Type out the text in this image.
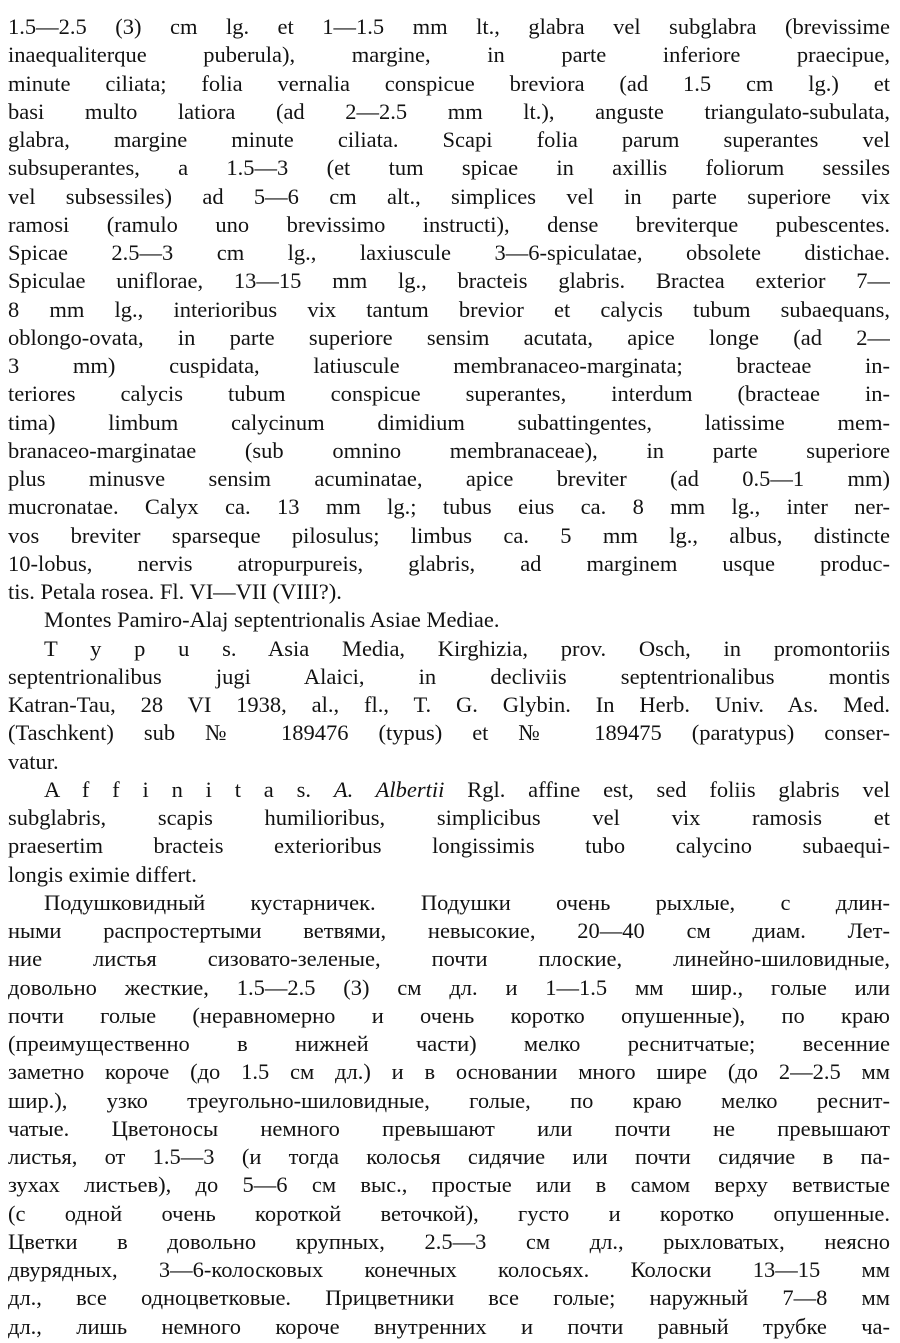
1.5—2.5 (3) cm lg. et 1—1.5 mm lt., glabra vel subglabra (brevissime
inaequaliterque puberula), margine, in parte inferiore praecipue,
minute ciliata; folia vernalia conspicue breviora (ad 1.5 cm lg.) et
basi multo latiora (ad 2—2.5 mm lt.), anguste triangulato-subulata,
glabra, margine minute ciliata. Scapi folia parum superantes vel
subsuperantes, a 1.5—3 (et tum spicae in axillis foliorum sessiles
vel subsessiles) ad 5—6 cm alt., simplices vel in parte superiore vix
ramosi (ramulo uno brevissimo instructi), dense breviterque pubescentes.
Spicae 2.5—3 cm lg., laxiuscule 3—6-spiculatae, obsolete distichae.
Spiculae uniflorae, 13—15 mm lg., bracteis glabris. Bractea exterior 7—
8 mm lg., interioribus vix tantum brevior et calycis tubum subaequans,
oblongo-ovata, in parte superiore sensim acutata, apice longe (ad 2—
3 mm) cuspidata, latiuscule membranaceo-marginata; bracteae in-
teriores calycis tubum conspicue superantes, interdum (bracteae in-
tima) limbum calycinum dimidium subattingentes, latissime mem-
branaceo-marginatae (sub omnino membranaceae), in parte superiore
plus minusve sensim acuminatae, apice breviter (ad 0.5—1 mm)
mucronatae. Calyx ca. 13 mm lg.; tubus eius ca. 8 mm lg., inter ner-
vos breviter sparseque pilosulus; limbus ca. 5 mm lg., albus, distincte
10-lobus, nervis atropurpureis, glabris, ad marginem usque produc-
tis. Petala rosea. Fl. VI—VII (VIII?).
Montes Pamiro-Alaj septentrionalis Asiae Mediae.
T y p u s. Asia Media, Kirghizia, prov. Osch, in promontoriis
septentrionalibus jugi Alaici, in decliviis septentrionalibus montis
Katran-Tau, 28 VI 1938, al., fl., T. G. Glybin. In Herb. Univ. As. Med.
(Taschkent) sub № 189476 (typus) et № 189475 (paratypus) conser-
vatur.
A f f i n i t a s. A. Albertii Rgl. affine est, sed foliis glabris vel
subglabris, scapis humilioribus, simplicibus vel vix ramosis et
praesertim bracteis exterioribus longissimis tubo calycino subaequi-
longis eximie differt.
Подушковидный кустарничек. Подушки очень рыхлые, с длин-
ными распростертыми ветвями, невысокие, 20—40 см диам. Лет-
ние листья сизовато-зеленые, почти плоские, линейно-шиловидные,
довольно жесткие, 1.5—2.5 (3) см дл. и 1—1.5 мм шир., голые или
почти голые (неравномерно и очень коротко опушенные), по краю
(преимущественно в нижней части) мелко реснитчатые; весенние
заметно короче (до 1.5 см дл.) и в основании много шире (до 2—2.5 мм
шир.), узко треугольно-шиловидные, голые, по краю мелко реснит-
чатые. Цветоносы немного превышают или почти не превышают
листья, от 1.5—3 (и тогда колосья сидячие или почти сидячие в па-
зухах листьев), до 5—6 см выс., простые или в самом верху ветвистые
(с одной очень короткой веточкой), густо и коротко опушенные.
Цветки в довольно крупных, 2.5—3 см дл., рыхловатых, неясно
двурядных, 3—6-колосковых конечных колосьях. Колоски 13—15 мм
дл., все одноцветковые. Прицветники все голые; наружный 7—8 мм
дл., лишь немного короче внутренних и почти равный трубке ча-
